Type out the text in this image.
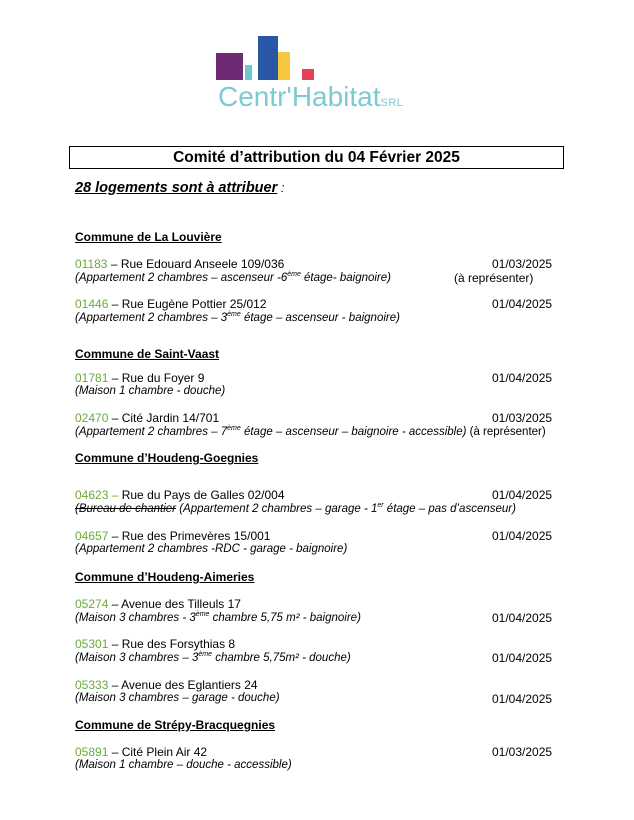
Centr'HabitatSRL
Comité d’attribution du 04 Février 2025
28 logements sont à attribuer :
Commune de La Louvière
01183 – Rue Edouard Anseele 109/036	01/03/2025
(Appartement 2 chambres – ascenseur -6ème étage- baignoire)	(à représenter)
01446 – Rue Eugène Pottier 25/012	01/04/2025
(Appartement 2 chambres – 3ème étage – ascenseur - baignoire)
Commune de Saint-Vaast
01781 – Rue du Foyer 9	01/04/2025
(Maison 1 chambre - douche)
02470 – Cité Jardin 14/701	01/03/2025
(Appartement 2 chambres – 7ème étage – ascenseur – baignoire - accessible) (à représenter)
Commune d’Houdeng-Goegnies
04623 – Rue du Pays de Galles 02/004	01/04/2025
(Bureau de chantier (Appartement 2 chambres – garage - 1er étage – pas d’ascenseur)
04657 – Rue des Primevères 15/001	01/04/2025
(Appartement 2 chambres -RDC - garage - baignoire)
Commune d’Houdeng-Aimeries
05274 – Avenue des Tilleuls 17
(Maison 3 chambres - 3ème chambre 5,75 m² - baignoire)	01/04/2025
05301 – Rue des Forsythias 8
(Maison 3 chambres – 3ème chambre 5,75m² - douche)	01/04/2025
05333 – Avenue des Eglantiers 24
(Maison 3 chambres – garage - douche)	01/04/2025
Commune de Strépy-Bracquegnies
05891 – Cité Plein Air 42	01/03/2025
(Maison 1 chambre – douche - accessible)
